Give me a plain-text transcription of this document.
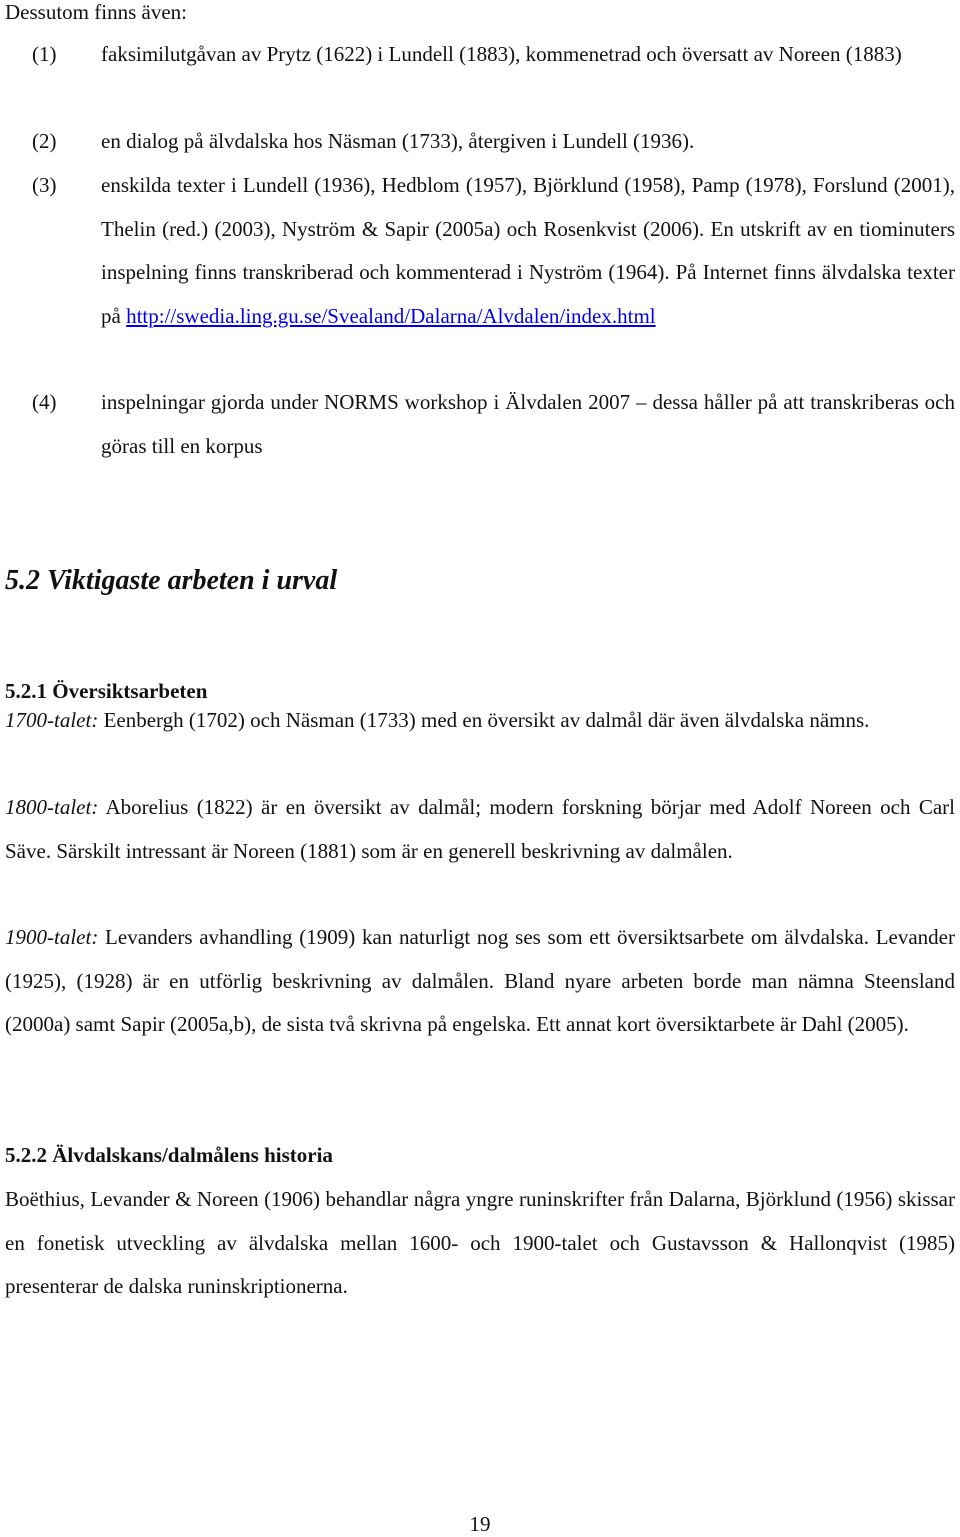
Dessutom finns även:

(1) faksimilutgåvan av Prytz (1622) i Lundell (1883), kommenetrad och översatt av Noreen (1883)
(2) en dialog på älvdalska hos Näsman (1733), återgiven i Lundell (1936).
(3) enskilda texter i Lundell (1936), Hedblom (1957), Björklund (1958), Pamp (1978), Forslund (2001), Thelin (red.) (2003), Nyström & Sapir (2005a) och Rosenkvist (2006). En utskrift av en tiominuters inspelning finns transkriberad och kommenterad i Nyström (1964). På Internet finns älvdalska texter på http://swedia.ling.gu.se/Svealand/Dalarna/Alvdalen/index.html
(4) inspelningar gjorda under NORMS workshop i Älvdalen 2007 – dessa håller på att transkriberas och göras till en korpus
5.2 Viktigaste arbeten i urval
5.2.1 Översiktsarbeten

1700-talet: Eenbergh (1702) och Näsman (1733) med en översikt av dalmål där även älvdalska nämns.

1800-talet: Aborelius (1822) är en översikt av dalmål; modern forskning börjar med Adolf Noreen och Carl Säve. Särskilt intressant är Noreen (1881) som är en generell beskrivning av dalmålen.

1900-talet: Levanders avhandling (1909) kan naturligt nog ses som ett översiktsarbete om älvdalska. Levander (1925), (1928) är en utförlig beskrivning av dalmålen. Bland nyare arbeten borde man nämna Steensland (2000a) samt Sapir (2005a,b), de sista två skrivna på engelska. Ett annat kort översiktarbete är Dahl (2005).

5.2.2 Älvdalskans/dalmålens historia

Boëthius, Levander & Noreen (1906) behandlar några yngre runinskrifter från Dalarna, Björklund (1956) skissar en fonetisk utveckling av älvdalska mellan 1600- och 1900-talet och Gustavsson & Hallonqvist (1985) presenterar de dalska runinskriptionerna.

19
